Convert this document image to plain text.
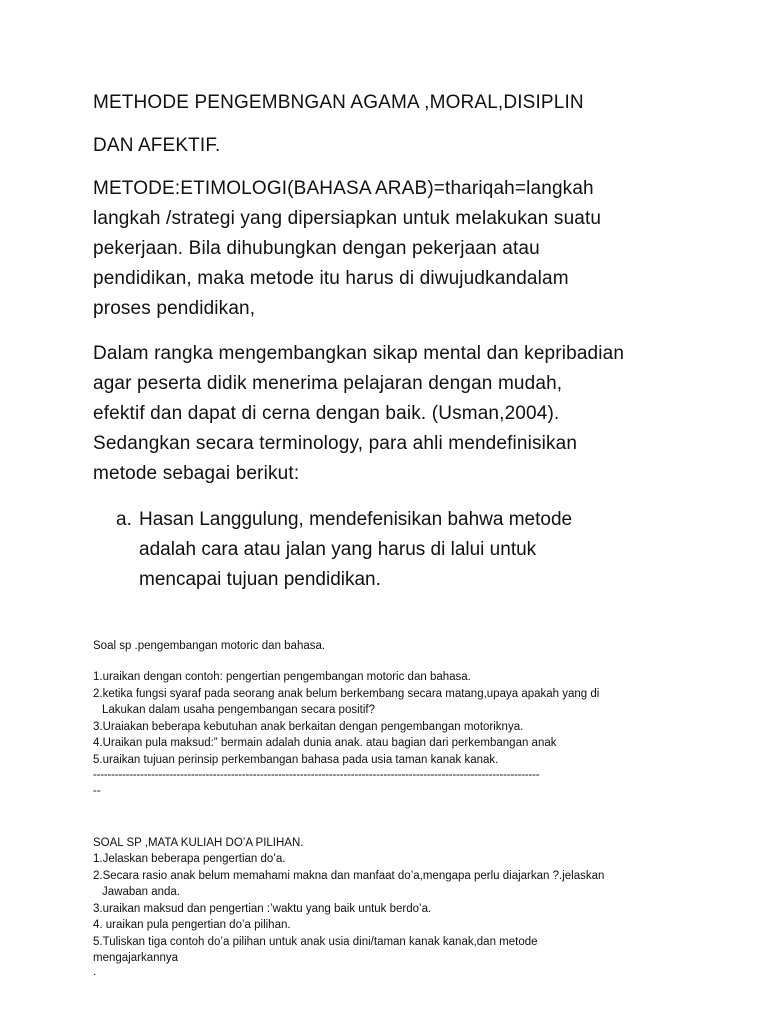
METHODE PENGEMBNGAN AGAMA ,MORAL,DISIPLIN
DAN AFEKTIF.
METODE:ETIMOLOGI(BAHASA ARAB)=thariqah=langkah
langkah /strategi yang dipersiapkan untuk melakukan suatu
pekerjaan. Bila dihubungkan dengan pekerjaan atau
pendidikan, maka metode itu harus di diwujudkandalam
proses pendidikan,
Dalam rangka mengembangkan sikap mental dan kepribadian
agar peserta didik menerima pelajaran dengan mudah,
efektif dan dapat di cerna dengan baik. (Usman,2004).
Sedangkan secara terminology, para ahli mendefinisikan
metode sebagai berikut:
a. Hasan Langgulung, mendefenisikan bahwa metode
adalah cara atau jalan yang harus di lalui untuk
mencapai tujuan pendidikan.
Soal sp .pengembangan motoric dan bahasa.
1.uraikan dengan contoh: pengertian pengembangan motoric dan bahasa.
2.ketika fungsi syaraf pada seorang anak belum berkembang secara matang,upaya apakah yang di
Lakukan dalam usaha pengembangan secara positif?
3.Uraiakan beberapa kebutuhan anak berkaitan dengan pengembangan motoriknya.
4.Uraikan pula maksud:” bermain adalah dunia anak. atau bagian dari perkembangan anak
5.uraikan tujuan perinsip perkembangan bahasa pada usia taman kanak kanak.
---------------------------------------------------------------------------------------------------------------------------
--
SOAL SP ,MATA KULIAH DO’A PILIHAN.
1.Jelaskan beberapa pengertian do’a.
2.Secara rasio anak belum memahami makna dan manfaat do’a,mengapa perlu diajarkan ?.jelaskan
Jawaban anda.
3.uraikan maksud dan pengertian :’waktu yang baik untuk berdo’a.
4. uraikan pula pengertian do’a pilihan.
5.Tuliskan tiga contoh do’a pilihan untuk anak usia dini/taman kanak kanak,dan metode
mengajarkannya
.
